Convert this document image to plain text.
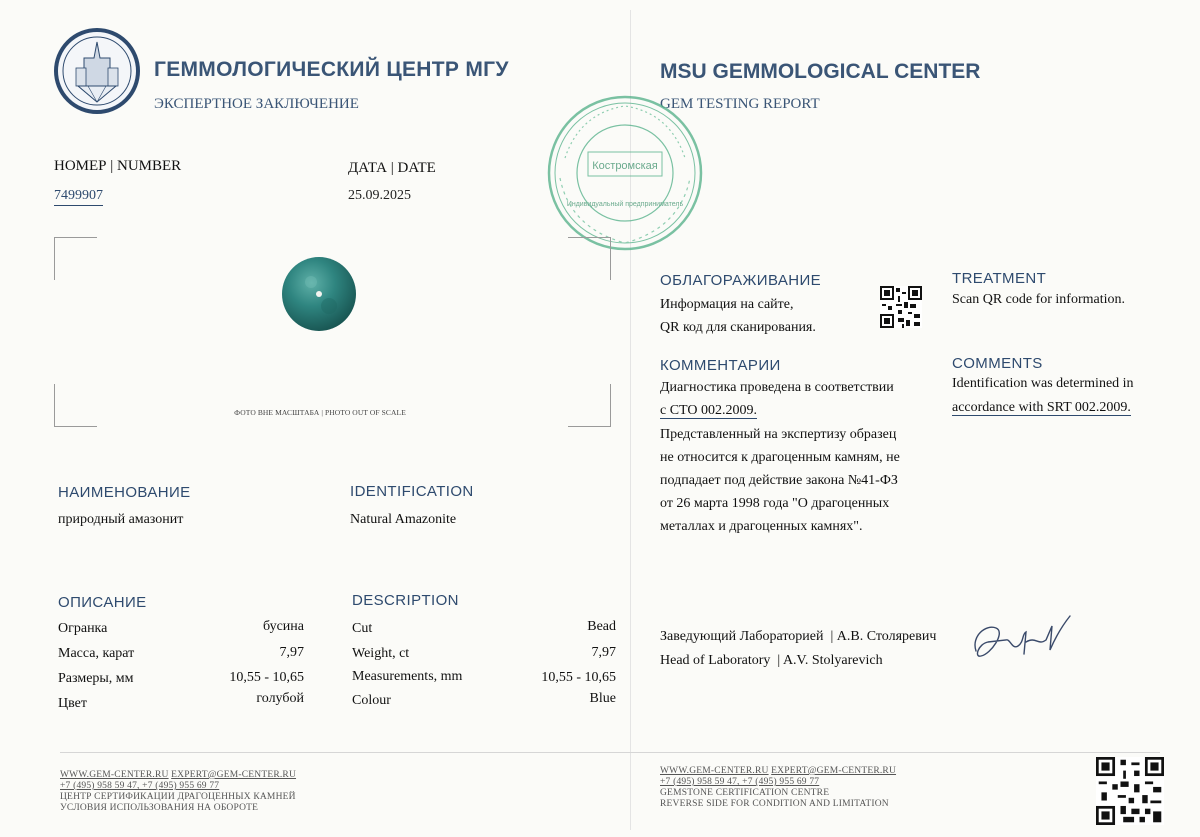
ГЕММОЛОГИЧЕСКИЙ ЦЕНТР МГУ
ЭКСПЕРТНОЕ ЗАКЛЮЧЕНИЕ
MSU GEMMOLOGICAL CENTER
GEM TESTING REPORT
Костромская
Индивидуальный предприниматель
НОМЕР | NUMBER
7499907
ДАТА | DATE
25.09.2025
ФОТО ВНЕ МАСШТАБА | PHOTO OUT OF SCALE
НАИМЕНОВАНИЕ
природный амазонит
IDENTIFICATION
Natural Amazonite
ОПИСАНИЕ	DESCRIPTION
Огранка	бусина
Масса, карат	7,97
Размеры, мм	10,55 - 10,65
Цвет	голубой
Cut	Bead
Weight, ct	7,97
Measurements, mm	10,55 - 10,65
Colour	Blue
ОБЛАГОРАЖИВАНИЕ
Информация на сайте,
QR код для сканирования.
TREATMENT
Scan QR code for information.
КОММЕНТАРИИ
Диагностика проведена в соответствии
с СТО 002.2009.
Представленный на экспертизу образец
не относится к драгоценным камням, не
подпадает под действие закона №41-ФЗ
от 26 марта 1998 года "О драгоценных
металлах и драгоценных камнях".
COMMENTS
Identification was determined in
accordance with SRT 002.2009.
Заведующий Лабораторией  | А.В. Столяревич
Head of Laboratory  | A.V. Stolyarevich
WWW.GEM-CENTER.RU EXPERT@GEM-CENTER.RU
+7 (495) 958 59 47, +7 (495) 955 69 77
ЦЕНТР СЕРТИФИКАЦИИ ДРАГОЦЕННЫХ КАМНЕЙ
УСЛОВИЯ ИСПОЛЬЗОВАНИЯ НА ОБОРОТЕ
WWW.GEM-CENTER.RU EXPERT@GEM-CENTER.RU
+7 (495) 958 59 47, +7 (495) 955 69 77
GEMSTONE CERTIFICATION CENTRE
REVERSE SIDE FOR CONDITION AND LIMITATION
